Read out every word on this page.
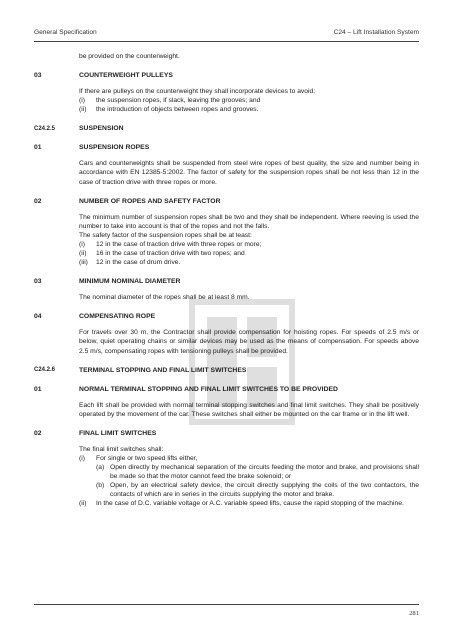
General Specification	C24 – Lift Installation System

be provided on the counterweight.

03	COUNTERWEIGHT PULLEYS

If there are pulleys on the counterweight they shall incorporate devices to avoid:

(i) the suspension ropes, if slack, leaving the grooves; and
(ii) the introduction of objects between ropes and grooves.
C24.2.5	SUSPENSION
01	SUSPENSION ROPES

Cars and counterweights shall be suspended from steel wire ropes of best quality, the size and number being in accordance with EN 12385-5:2002. The factor of safety for the suspension ropes shall be not less than 12 in the case of traction drive with three ropes or more.

02	NUMBER OF ROPES AND SAFETY FACTOR

The minimum number of suspension ropes shall be two and they shall be independent. Where reeving is used the number to take into account is that of the ropes and not the falls.

The safety factor of the suspension ropes shall be at least:

(i) 12 in the case of traction drive with three ropes or more;
(ii) 16 in the case of traction drive with two ropes; and
(iii) 12 in the case of drum drive.
03	MINIMUM NOMINAL DIAMETER

The nominal diameter of the ropes shall be at least 8 mm.

04	COMPENSATING ROPE

For travels over 30 m, the Contractor shall provide compensation for hoisting ropes. For speeds of 2.5 m/s or below, quiet operating chains or similar devices may be used as the means of compensation. For speeds above 2.5 m/s, compensating ropes with tensioning pulleys shall be provided.

C24.2.6	TERMINAL STOPPING AND FINAL LIMIT SWITCHES
01	NORMAL TERMINAL STOPPING AND FINAL LIMIT SWITCHES TO BE PROVIDED

Each lift shall be provided with normal terminal stopping switches and final limit switches. They shall be positively operated by the movement of the car. These switches shall either be mounted on the car frame or in the lift well.

02	FINAL LIMIT SWITCHES

The final limit switches shall:

(i) For single or two speed lifts either,
(a) Open directly by mechanical separation of the circuits feeding the motor and brake, and provisions shall be made so that the motor cannot feed the brake solenoid; or
(b) Open, by an electrical safety device, the circuit directly supplying the coils of the two contactors, the contacts of which are in series in the circuits supplying the motor and brake.
(ii) In the case of D.C. variable voltage or A.C. variable speed lifts, cause the rapid stopping of the machine.
281
